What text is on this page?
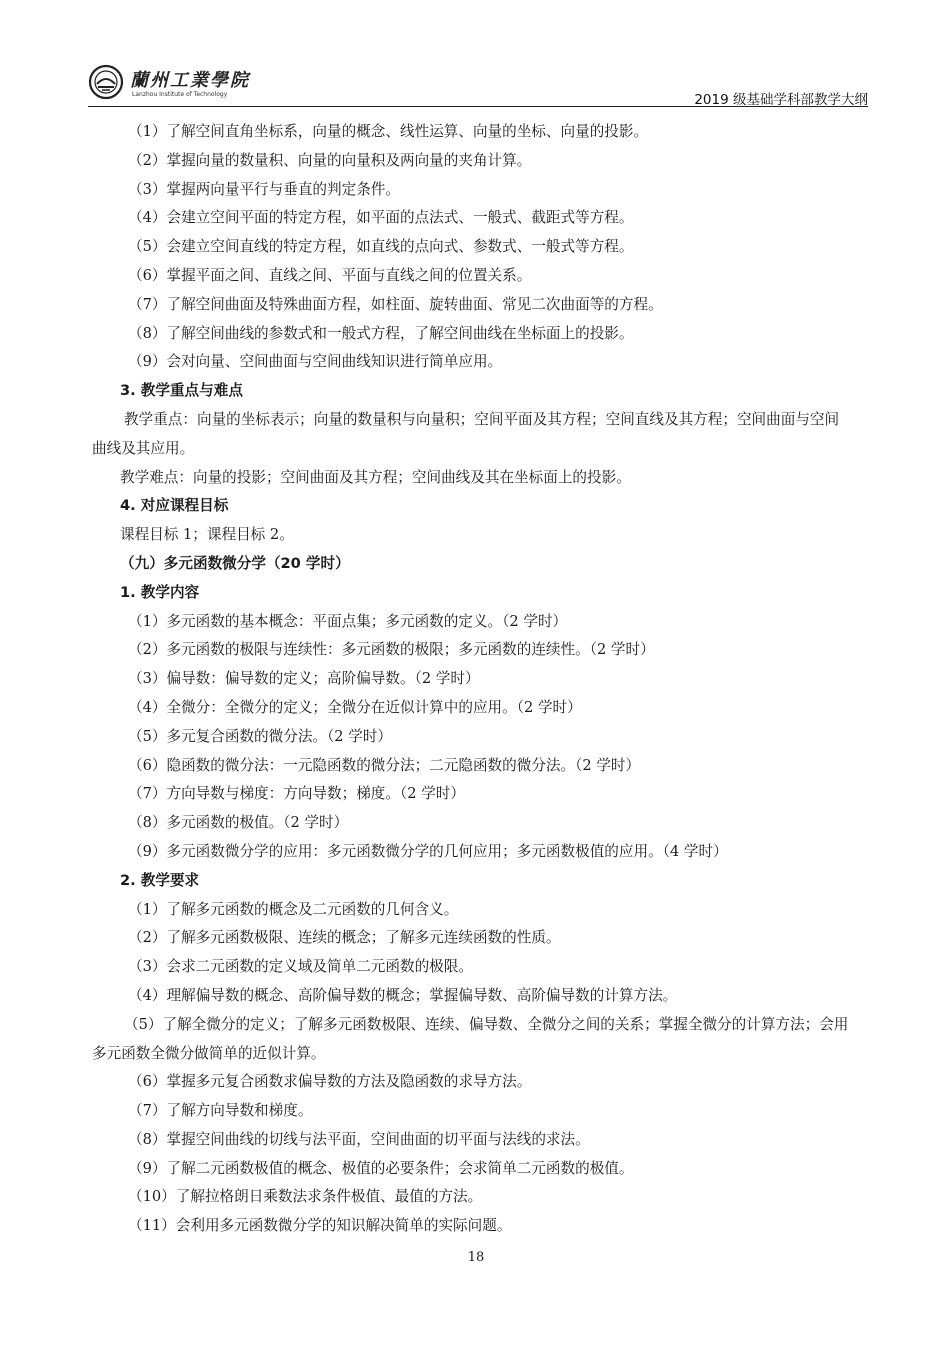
蘭州工業學院
Lanzhou Institute of Technology	2019 级基础学科部教学大纲
（1）了解空间直角坐标系，向量的概念、线性运算、向量的坐标、向量的投影。
（2）掌握向量的数量积、向量的向量积及两向量的夹角计算。
（3）掌握两向量平行与垂直的判定条件。
（4）会建立空间平面的特定方程，如平面的点法式、一般式、截距式等方程。
（5）会建立空间直线的特定方程，如直线的点向式、参数式、一般式等方程。
（6）掌握平面之间、直线之间、平面与直线之间的位置关系。
（7）了解空间曲面及特殊曲面方程，如柱面、旋转曲面、常见二次曲面等的方程。
（8）了解空间曲线的参数式和一般式方程，了解空间曲线在坐标面上的投影。
（9）会对向量、空间曲面与空间曲线知识进行简单应用。
3. 教学重点与难点
教学重点：向量的坐标表示；向量的数量积与向量积；空间平面及其方程；空间直线及其方程；空间曲面与空间曲线及其应用。
教学难点：向量的投影；空间曲面及其方程；空间曲线及其在坐标面上的投影。
4. 对应课程目标
课程目标 1；课程目标 2。
（九）多元函数微分学（20 学时）
1. 教学内容
（1）多元函数的基本概念：平面点集；多元函数的定义。（2 学时）
（2）多元函数的极限与连续性：多元函数的极限；多元函数的连续性。（2 学时）
（3）偏导数：偏导数的定义；高阶偏导数。（2 学时）
（4）全微分：全微分的定义；全微分在近似计算中的应用。（2 学时）
（5）多元复合函数的微分法。（2 学时）
（6）隐函数的微分法：一元隐函数的微分法；二元隐函数的微分法。（2 学时）
（7）方向导数与梯度：方向导数；梯度。（2 学时）
（8）多元函数的极值。（2 学时）
（9）多元函数微分学的应用：多元函数微分学的几何应用；多元函数极值的应用。（4 学时）
2. 教学要求
（1）了解多元函数的概念及二元函数的几何含义。
（2）了解多元函数极限、连续的概念；了解多元连续函数的性质。
（3）会求二元函数的定义域及简单二元函数的极限。
（4）理解偏导数的概念、高阶偏导数的概念；掌握偏导数、高阶偏导数的计算方法。
（5）了解全微分的定义；了解多元函数极限、连续、偏导数、全微分之间的关系；掌握全微分的计算方法；会用多元函数全微分做简单的近似计算。
（6）掌握多元复合函数求偏导数的方法及隐函数的求导方法。
（7）了解方向导数和梯度。
（8）掌握空间曲线的切线与法平面，空间曲面的切平面与法线的求法。
（9）了解二元函数极值的概念、极值的必要条件；会求简单二元函数的极值。
（10）了解拉格朗日乘数法求条件极值、最值的方法。
（11）会利用多元函数微分学的知识解决简单的实际问题。
18
